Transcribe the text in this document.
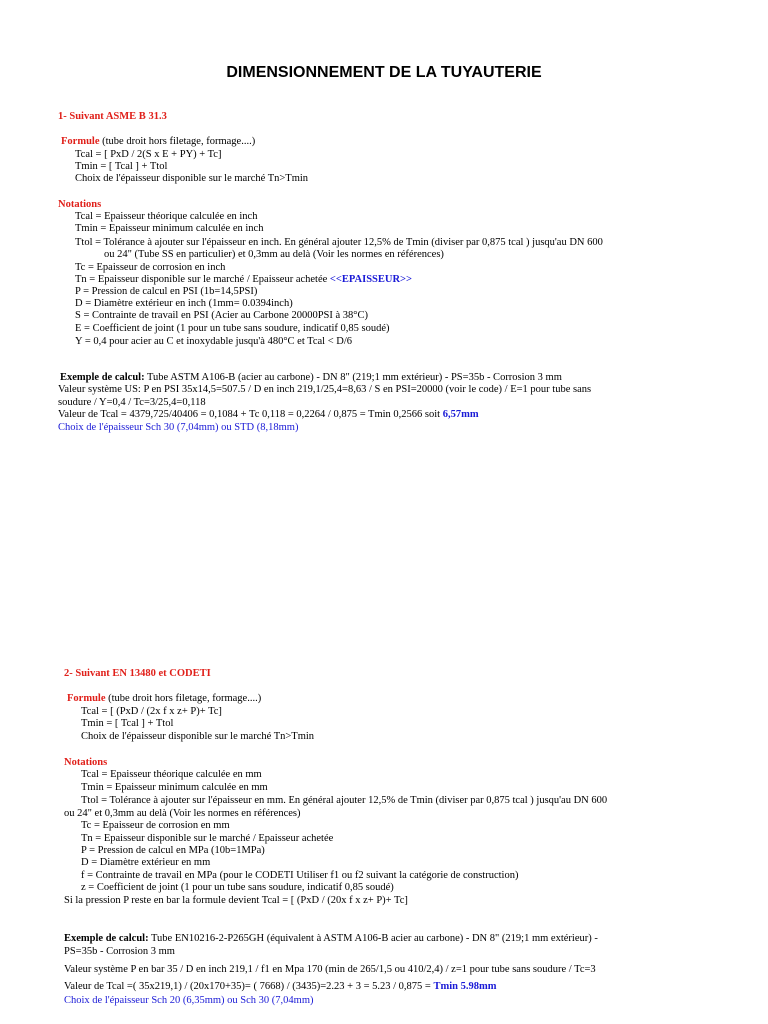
DIMENSIONNEMENT DE LA TUYAUTERIE
1- Suivant ASME B 31.3
Formule (tube droit hors filetage, formage....)
Tcal = [ PxD / 2(S x E + PY) + Tc]
Tmin = [ Tcal ] + Ttol
Choix de l'épaisseur disponible sur le marché Tn>Tmin
Notations
Tcal = Epaisseur théorique calculée en inch
Tmin = Epaisseur minimum calculée en inch
Ttol = Tolérance à ajouter sur l'épaisseur en inch. En général ajouter 12,5% de Tmin (diviser par 0,875 tcal ) jusqu'au DN 600
ou 24" (Tube SS en particulier) et 0,3mm au delà (Voir les normes en références)
Tc = Epaisseur de corrosion en inch
Tn = Epaisseur disponible sur le marché / Epaisseur achetée <<EPAISSEUR>>
P = Pression de calcul en PSI (1b=14,5PSI)
D = Diamètre extérieur en inch (1mm= 0.0394inch)
S = Contrainte de travail en PSI (Acier au Carbone 20000PSI à 38°C)
E = Coefficient de joint (1 pour un tube sans soudure, indicatif 0,85 soudé)
Y = 0,4 pour acier au C et inoxydable jusqu'à 480°C et Tcal < D/6
Exemple de calcul: Tube ASTM A106-B (acier au carbone) - DN 8" (219;1 mm extérieur) - PS=35b - Corrosion 3 mm
Valeur système US: P en PSI 35x14,5=507.5 / D en inch 219,1/25,4=8,63 / S en PSI=20000 (voir le code) / E=1 pour tube sans
soudure / Y=0,4 / Tc=3/25,4=0,118
Valeur de Tcal = 4379,725/40406 = 0,1084 + Tc 0,118 = 0,2264 / 0,875 = Tmin 0,2566 soit 6,57mm
Choix de l'épaisseur Sch 30 (7,04mm) ou STD (8,18mm)
2- Suivant EN 13480 et CODETI
Formule (tube droit hors filetage, formage....)
Tcal = [ (PxD / (2x f x z+ P)+ Tc]
Tmin = [ Tcal ] + Ttol
Choix de l'épaisseur disponible sur le marché Tn>Tmin
Notations
Tcal = Epaisseur théorique calculée en mm
Tmin = Epaisseur minimum calculée en mm
Ttol = Tolérance à ajouter sur l'épaisseur en mm. En général ajouter 12,5% de Tmin (diviser par 0,875 tcal ) jusqu'au DN 600
ou 24" et 0,3mm au delà (Voir les normes en références)
Tc = Epaisseur de corrosion en mm
Tn = Epaisseur disponible sur le marché / Epaisseur achetée
P = Pression de calcul en MPa (10b=1MPa)
D = Diamètre extérieur en mm
f = Contrainte de travail en MPa (pour le CODETI Utiliser f1 ou f2 suivant la catégorie de construction)
z = Coefficient de joint (1 pour un tube sans soudure, indicatif 0,85 soudé)
Si la pression P reste en bar la formule devient Tcal = [ (PxD / (20x f x z+ P)+ Tc]
Exemple de calcul: Tube EN10216-2-P265GH (équivalent à ASTM A106-B acier au carbone) - DN 8" (219;1 mm extérieur) -
PS=35b - Corrosion 3 mm
Valeur système P en bar 35 / D en inch 219,1 / f1 en Mpa 170 (min de 265/1,5 ou 410/2,4) / z=1 pour tube sans soudure / Tc=3
Valeur de Tcal =( 35x219,1) / (20x170+35)= ( 7668) / (3435)=2.23 + 3 = 5.23 / 0,875 = Tmin 5.98mm
Choix de l'épaisseur Sch 20 (6,35mm) ou Sch 30 (7,04mm)
